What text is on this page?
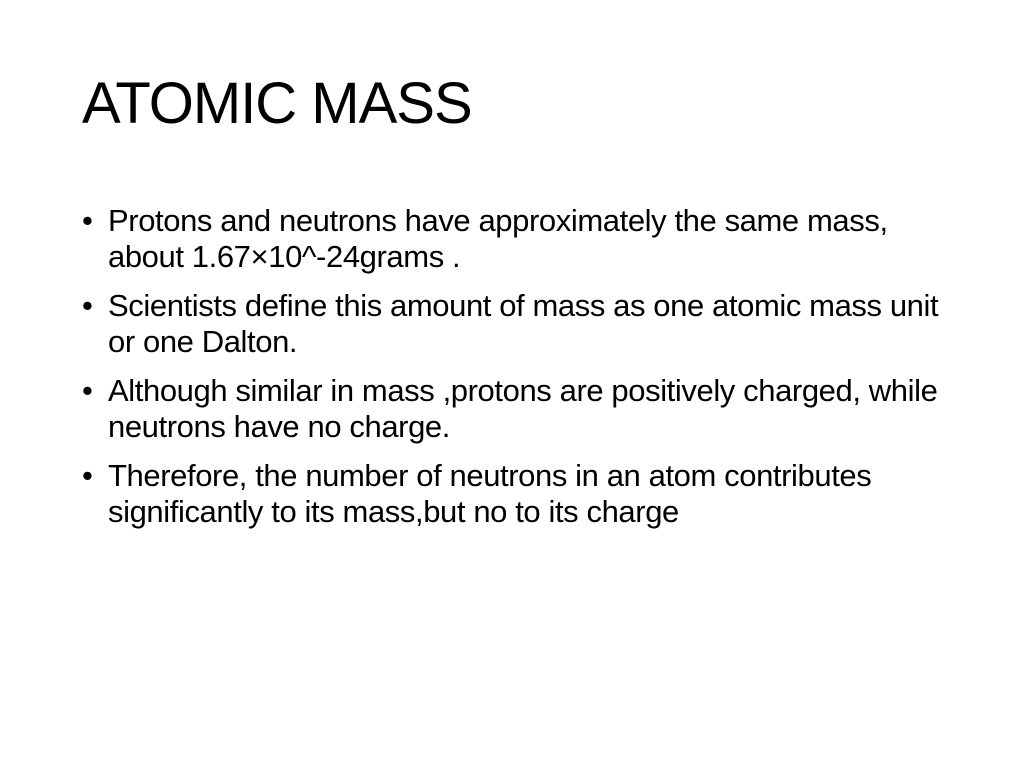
ATOMIC MASS
• Protons and neutrons have approximately the same mass, about 1.67×10^-24grams .
• Scientists define this amount of mass as one atomic mass unit or one Dalton.
• Although similar in mass ,protons are positively charged, while neutrons have no charge.
• Therefore, the number of neutrons in an atom contributes significantly to its mass,but no to its charge
